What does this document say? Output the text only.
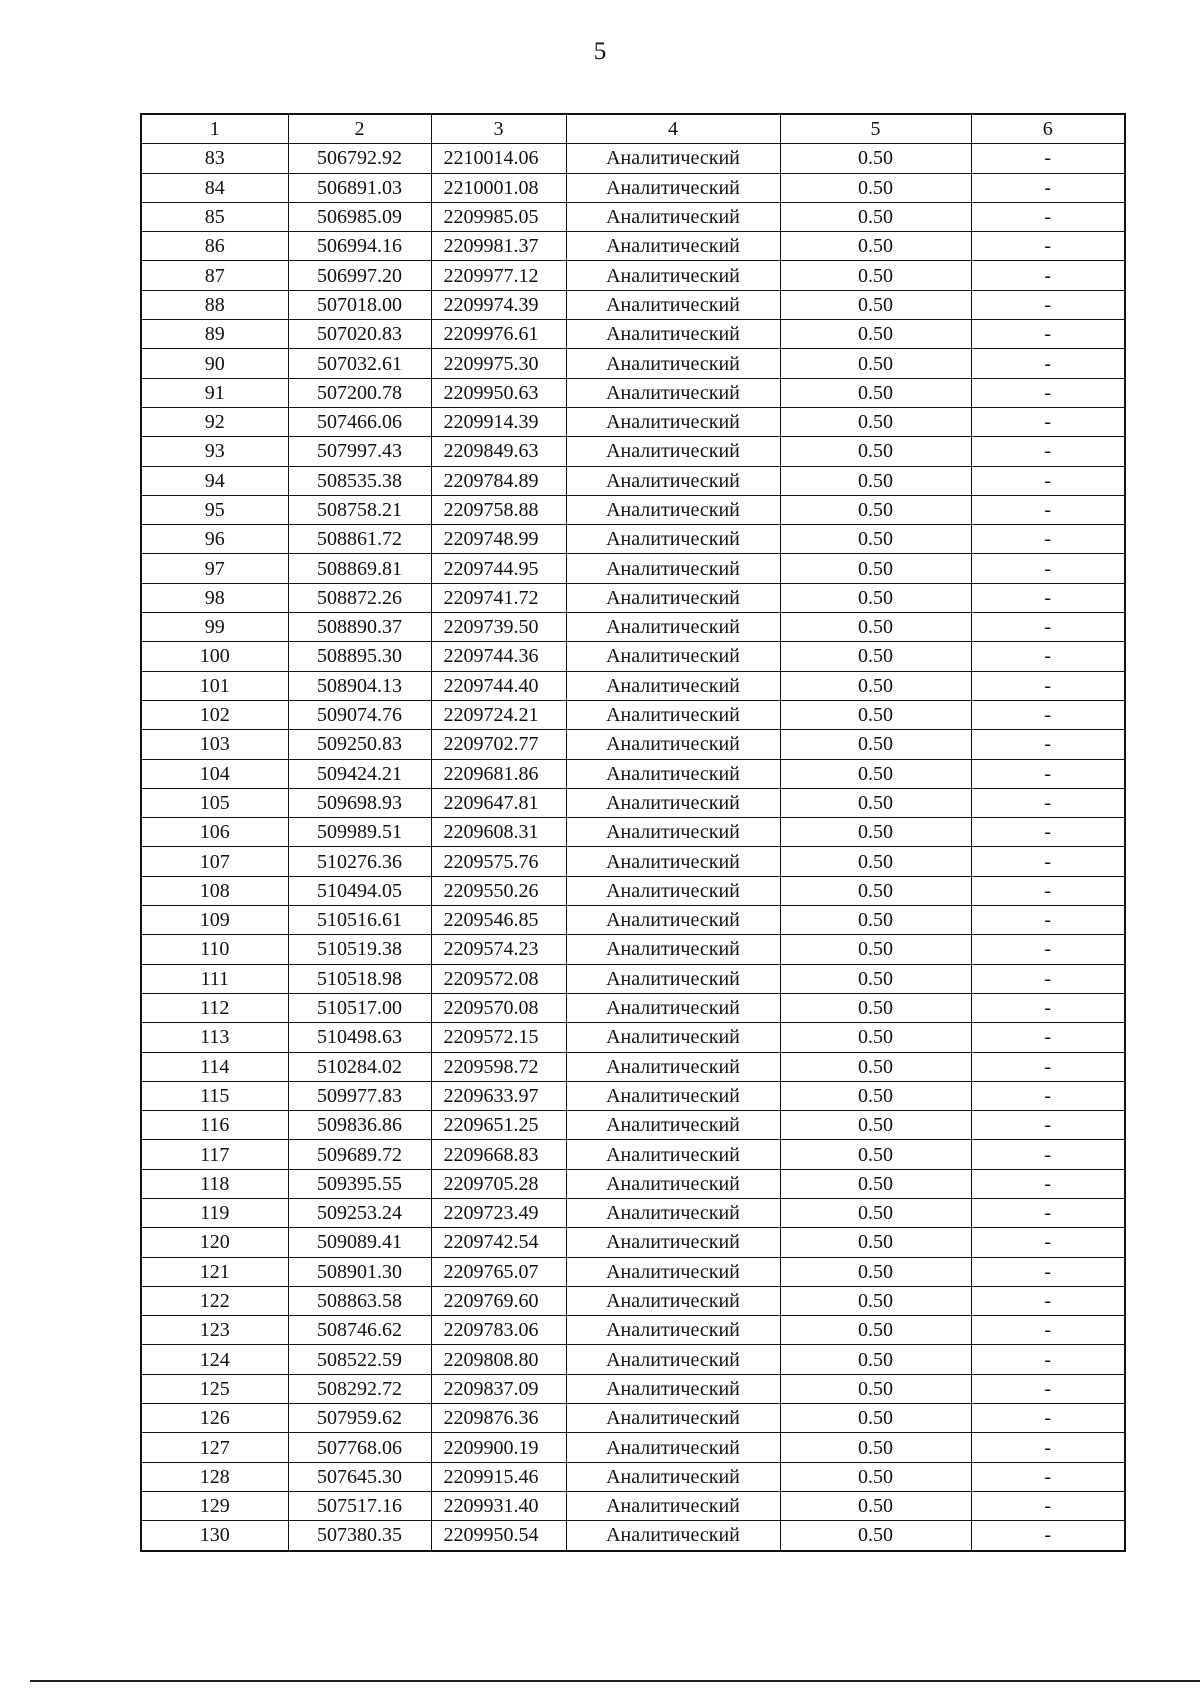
5
1	2	3	4	5	6
83	506792.92	2210014.06	Аналитический	0.50	-
84	506891.03	2210001.08	Аналитический	0.50	-
85	506985.09	2209985.05	Аналитический	0.50	-
86	506994.16	2209981.37	Аналитический	0.50	-
87	506997.20	2209977.12	Аналитический	0.50	-
88	507018.00	2209974.39	Аналитический	0.50	-
89	507020.83	2209976.61	Аналитический	0.50	-
90	507032.61	2209975.30	Аналитический	0.50	-
91	507200.78	2209950.63	Аналитический	0.50	-
92	507466.06	2209914.39	Аналитический	0.50	-
93	507997.43	2209849.63	Аналитический	0.50	-
94	508535.38	2209784.89	Аналитический	0.50	-
95	508758.21	2209758.88	Аналитический	0.50	-
96	508861.72	2209748.99	Аналитический	0.50	-
97	508869.81	2209744.95	Аналитический	0.50	-
98	508872.26	2209741.72	Аналитический	0.50	-
99	508890.37	2209739.50	Аналитический	0.50	-
100	508895.30	2209744.36	Аналитический	0.50	-
101	508904.13	2209744.40	Аналитический	0.50	-
102	509074.76	2209724.21	Аналитический	0.50	-
103	509250.83	2209702.77	Аналитический	0.50	-
104	509424.21	2209681.86	Аналитический	0.50	-
105	509698.93	2209647.81	Аналитический	0.50	-
106	509989.51	2209608.31	Аналитический	0.50	-
107	510276.36	2209575.76	Аналитический	0.50	-
108	510494.05	2209550.26	Аналитический	0.50	-
109	510516.61	2209546.85	Аналитический	0.50	-
110	510519.38	2209574.23	Аналитический	0.50	-
111	510518.98	2209572.08	Аналитический	0.50	-
112	510517.00	2209570.08	Аналитический	0.50	-
113	510498.63	2209572.15	Аналитический	0.50	-
114	510284.02	2209598.72	Аналитический	0.50	-
115	509977.83	2209633.97	Аналитический	0.50	-
116	509836.86	2209651.25	Аналитический	0.50	-
117	509689.72	2209668.83	Аналитический	0.50	-
118	509395.55	2209705.28	Аналитический	0.50	-
119	509253.24	2209723.49	Аналитический	0.50	-
120	509089.41	2209742.54	Аналитический	0.50	-
121	508901.30	2209765.07	Аналитический	0.50	-
122	508863.58	2209769.60	Аналитический	0.50	-
123	508746.62	2209783.06	Аналитический	0.50	-
124	508522.59	2209808.80	Аналитический	0.50	-
125	508292.72	2209837.09	Аналитический	0.50	-
126	507959.62	2209876.36	Аналитический	0.50	-
127	507768.06	2209900.19	Аналитический	0.50	-
128	507645.30	2209915.46	Аналитический	0.50	-
129	507517.16	2209931.40	Аналитический	0.50	-
130	507380.35	2209950.54	Аналитический	0.50	-
